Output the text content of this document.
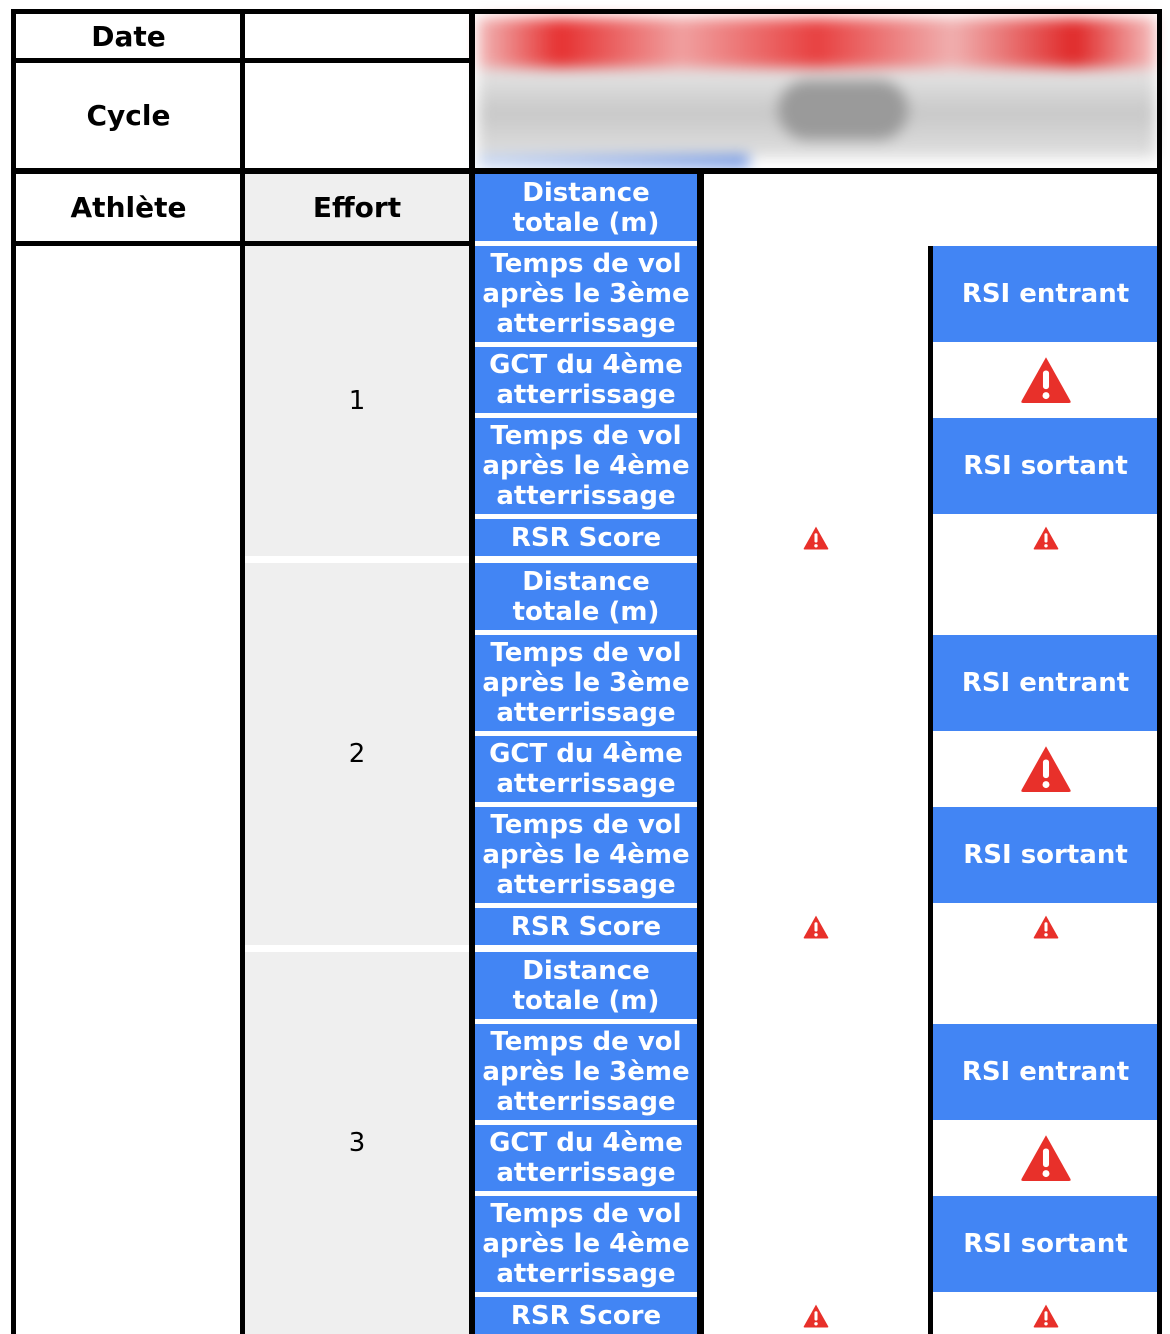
Date
Cycle
Athlète	Effort
1
Distance totale (m)
Temps de vol après le 3ème atterrissage
GCT du 4ème atterrissage
Temps de vol après le 4ème atterrissage
RSR Score
RSI entrant
RSI sortant
2
Distance totale (m)
Temps de vol après le 3ème atterrissage
GCT du 4ème atterrissage
Temps de vol après le 4ème atterrissage
RSR Score
RSI entrant
RSI sortant
3
Distance totale (m)
Temps de vol après le 3ème atterrissage
GCT du 4ème atterrissage
Temps de vol après le 4ème atterrissage
RSR Score
RSI entrant
RSI sortant
